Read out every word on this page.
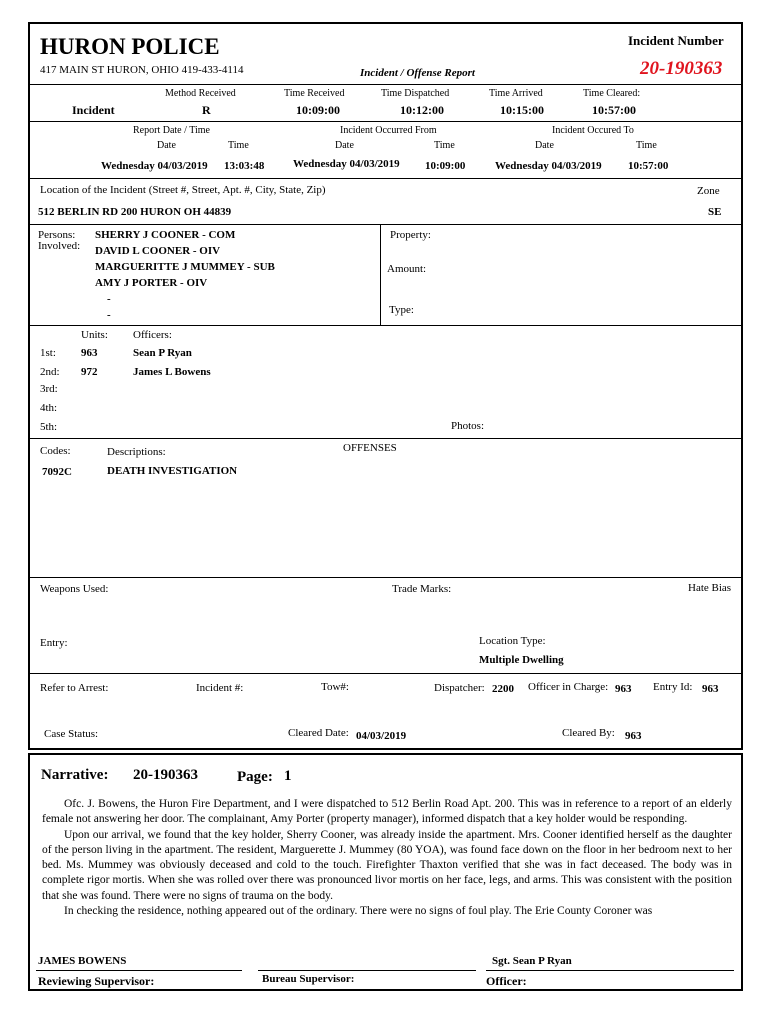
HURON POLICE
417 MAIN ST HURON, OHIO 419-433-4114	Incident / Offense Report
Incident Number
20-190363
Method Received	Time Received	Time Dispatched	Time Arrived	Time Cleared:
Incident	R	10:09:00	10:12:00	10:15:00	10:57:00
Report Date / Time	Incident Occurred From	Incident Occured To
Date	Time	Date	Time	Date	Time
Wednesday 04/03/2019 13:03:48	Wednesday 04/03/2019 10:09:00	Wednesday 04/03/2019 10:57:00
Location of the Incident (Street #, Street, Apt. #, City, State, Zip)	Zone
512 BERLIN RD 200 HURON OH 44839	SE
Persons:
Involved:
SHERRY J COONER - COM
DAVID L COONER - OIV
MARGUERITTE J MUMMEY - SUB
AMY J PORTER - OIV
-
-
Property:
Amount:
Type:
Units: Officers:
1st: 963	Sean P Ryan
2nd: 972	James L Bowens
3rd:
4th:
5th:	Photos:
Codes:	Descriptions:	OFFENSES
7092C	DEATH INVESTIGATION
Weapons Used:	Trade Marks:	Hate Bias
Entry:	Location Type:
Multiple Dwelling
Refer to Arrest:	Incident #:	Tow#:	Dispatcher: 2200 Officer in Charge: 963 Entry Id: 963
Case Status:	Cleared Date: 04/03/2019	Cleared By: 963
Narrative: 20-190363	Page: 1

Ofc. J. Bowens, the Huron Fire Department, and I were dispatched to 512 Berlin Road Apt. 200. This was in reference to a report of an elderly female not answering her door. The complainant, Amy Porter (property manager), informed dispatch that a key holder would be responding.

Upon our arrival, we found that the key holder, Sherry Cooner, was already inside the apartment. Mrs. Cooner identified herself as the daughter of the person living in the apartment. The resident, Marguerette J. Mummey (80 YOA), was found face down on the floor in her bedroom next to her bed. Ms. Mummey was obviously deceased and cold to the touch. Firefighter Thaxton verified that she was in fact deceased. The body was in complete rigor mortis. When she was rolled over there was pronounced livor mortis on her face, legs, and arms. This was consistent with the position that she was found. There were no signs of trauma on the body.

In checking the residence, nothing appeared out of the ordinary. There were no signs of foul play. The Erie County Coroner was

JAMES BOWENS
Reviewing Supervisor:	Bureau Supervisor:
Sgt. Sean P Ryan
Officer:
